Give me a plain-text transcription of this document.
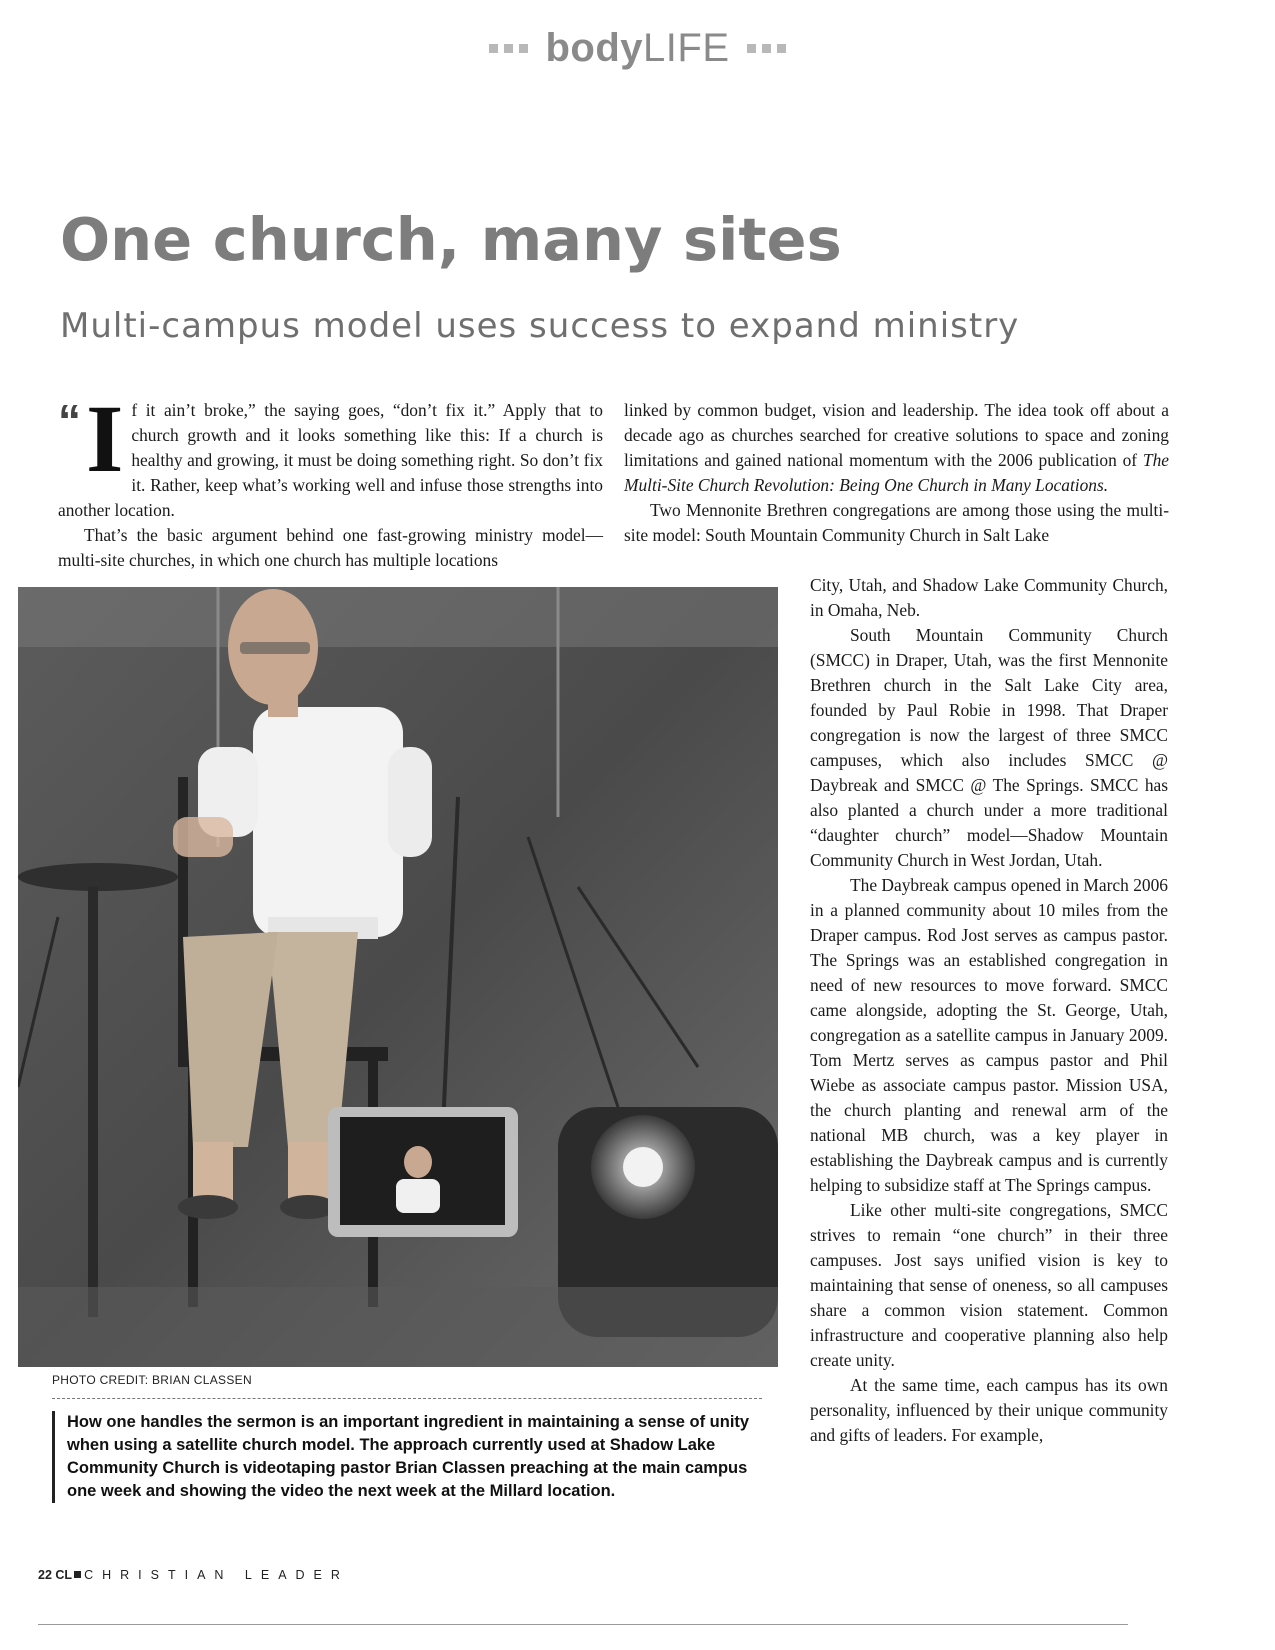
bodyLIFE
One church, many sites
Multi-campus model uses success to expand ministry

“ I f it ain’t broke,” the saying goes, “don’t fix it.” Apply that to church growth and it looks something like this: If a church is healthy and growing, it must be doing something right. So don’t fix it. Rather, keep what’s working well and infuse those strengths into another location.

That’s the basic argument behind one fast-growing ministry model—multi-site churches, in which one church has multiple locations

linked by common budget, vision and leadership. The idea took off about a decade ago as churches searched for creative solutions to space and zoning limitations and gained national momentum with the 2006 publication of The Multi-Site Church Revolution: Being One Church in Many Locations.

Two Mennonite Brethren congregations are among those using the multi-site model: South Mountain Community Church in Salt Lake

City, Utah, and Shadow Lake Community Church, in Omaha, Neb.

South Mountain Community Church (SMCC) in Draper, Utah, was the first Mennonite Brethren church in the Salt Lake City area, founded by Paul Robie in 1998. That Draper congregation is now the largest of three SMCC campuses, which also includes SMCC @ Daybreak and SMCC @ The Springs. SMCC has also planted a church under a more traditional “daughter church” model—Shadow Mountain Community Church in West Jordan, Utah.

The Daybreak campus opened in March 2006 in a planned community about 10 miles from the Draper campus. Rod Jost serves as campus pastor. The Springs was an established congregation in need of new resources to move forward. SMCC came alongside, adopting the St. George, Utah, congregation as a satellite campus in January 2009. Tom Mertz serves as campus pastor and Phil Wiebe as associate campus pastor. Mission USA, the church planting and renewal arm of the national MB church, was a key player in establishing the Daybreak campus and is currently helping to subsidize staff at The Springs campus.

Like other multi-site congregations, SMCC strives to remain “one church” in their three campuses. Jost says unified vision is key to maintaining that sense of oneness, so all campuses share a common vision statement. Common infrastructure and cooperative planning also help create unity.

At the same time, each campus has its own personality, influenced by their unique community and gifts of leaders. For example,

PHOTO CREDIT: BRIAN CLASSEN
How one handles the sermon is an important ingredient in maintaining a sense of unity when using a satellite church model. The approach currently used at Shadow Lake Community Church is videotaping pastor Brian Classen preaching at the main campus one week and showing the video the next week at the Millard location.
22 CL CHRISTIAN LEADER
